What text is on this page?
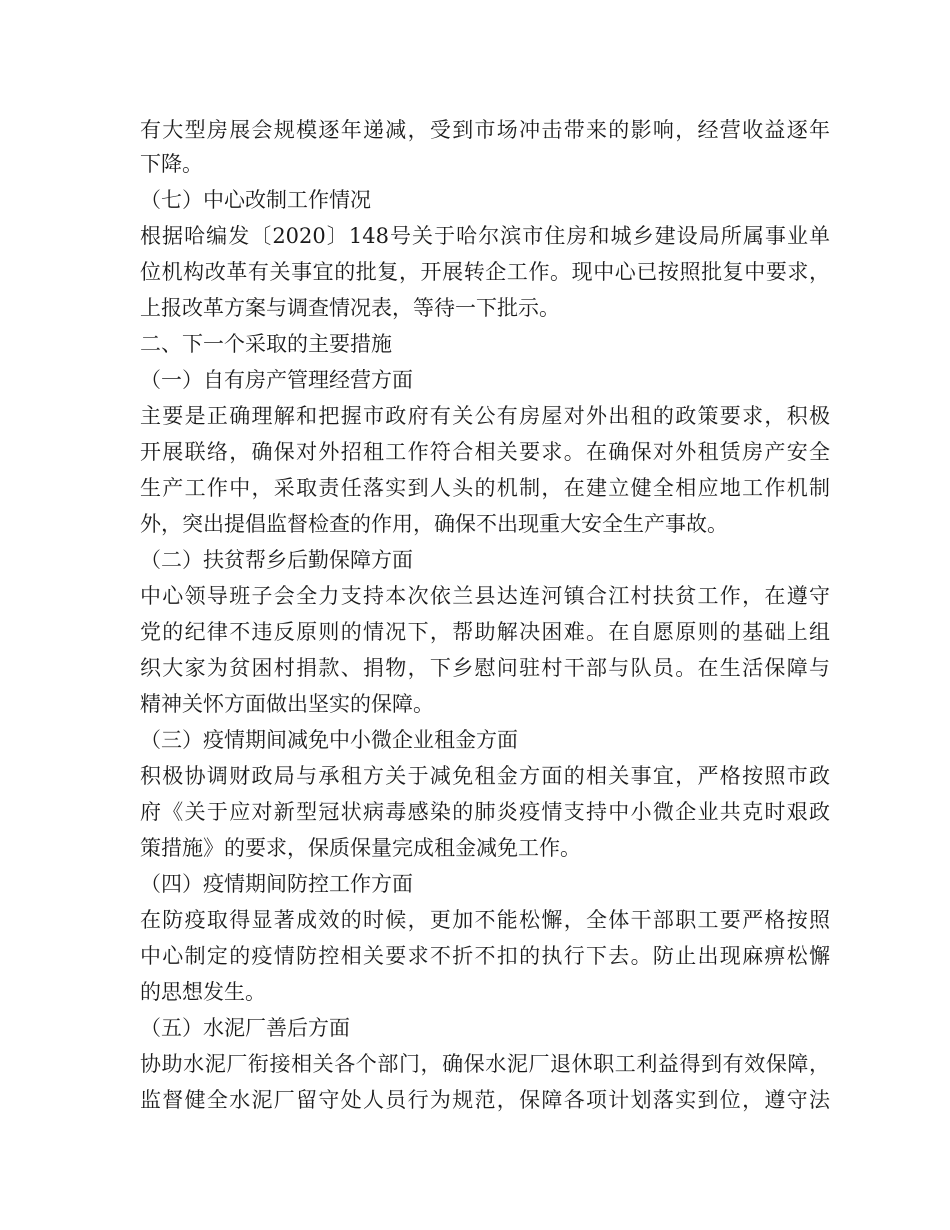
有大型房展会规模逐年递减，受到市场冲击带来的影响，经营收益逐年

下降。

（七）中心改制工作情况

根据哈编发〔2020〕148号关于哈尔滨市住房和城乡建设局所属事业单

位机构改革有关事宜的批复，开展转企工作。现中心已按照批复中要求，

上报改革方案与调查情况表，等待一下批示。

二、下一个采取的主要措施

（一）自有房产管理经营方面

主要是正确理解和把握市政府有关公有房屋对外出租的政策要求，积极

开展联络，确保对外招租工作符合相关要求。在确保对外租赁房产安全

生产工作中，采取责任落实到人头的机制，在建立健全相应地工作机制

外，突出提倡监督检查的作用，确保不出现重大安全生产事故。

（二）扶贫帮乡后勤保障方面

中心领导班子会全力支持本次依兰县达连河镇合江村扶贫工作，在遵守

党的纪律不违反原则的情况下，帮助解决困难。在自愿原则的基础上组

织大家为贫困村捐款、捐物，下乡慰问驻村干部与队员。在生活保障与

精神关怀方面做出坚实的保障。

（三）疫情期间减免中小微企业租金方面

积极协调财政局与承租方关于减免租金方面的相关事宜，严格按照市政

府《关于应对新型冠状病毒感染的肺炎疫情支持中小微企业共克时艰政

策措施》的要求，保质保量完成租金减免工作。

（四）疫情期间防控工作方面

在防疫取得显著成效的时候，更加不能松懈，全体干部职工要严格按照

中心制定的疫情防控相关要求不折不扣的执行下去。防止出现麻痹松懈

的思想发生。

（五）水泥厂善后方面

协助水泥厂衔接相关各个部门，确保水泥厂退休职工利益得到有效保障，

监督健全水泥厂留守处人员行为规范，保障各项计划落实到位，遵守法
